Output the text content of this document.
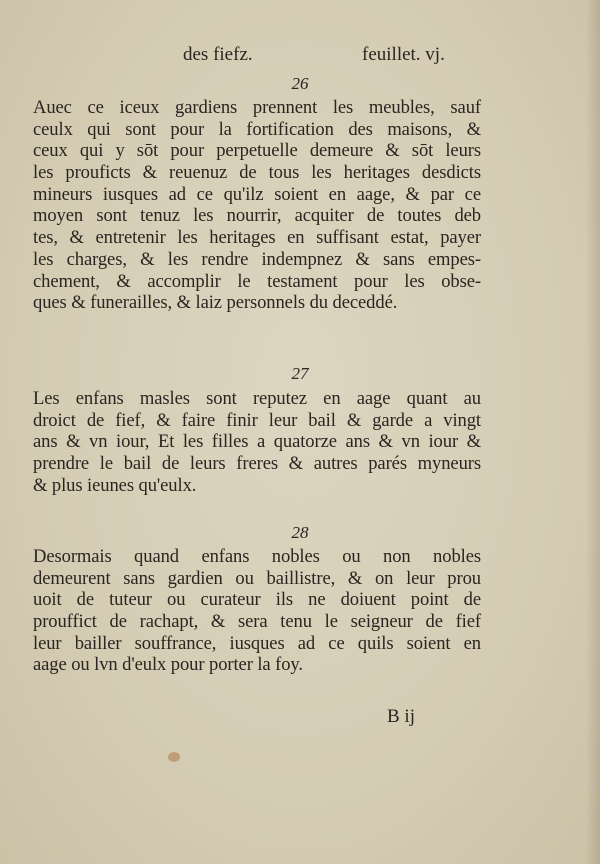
des fiefz.	feuillet. vj.
26
Auec ce iceux gardiens prennent les meubles, sauf
ceulx qui sont pour la fortification des maisons, &
ceux qui y sōt pour perpetuelle demeure & sōt leurs
les prouficts & reuenuz de tous les heritages desdicts
mineurs iusques ad ce qu'ilz soient en aage, & par ce
moyen sont tenuz les nourrir, acquiter de toutes deb
tes, & entretenir les heritages en suffisant estat, payer
les charges, & les rendre indempnez & sans empes-
chement, & accomplir le testament pour les obse-
ques & funerailles, & laiz personnels du deceddé.
27
Les enfans masles sont reputez en aage quant au
droict de fief, & faire finir leur bail & garde a vingt
ans & vn iour, Et les filles a quatorze ans & vn iour &
prendre le bail de leurs freres & autres parés myneurs
& plus ieunes qu'eulx.
28
Desormais quand enfans nobles ou non nobles
demeurent sans gardien ou baillistre, & on leur prou
uoit de tuteur ou curateur ils ne doiuent point de
prouffict de rachapt, & sera tenu le seigneur de fief
leur bailler souffrance, iusques ad ce quils soient en
aage ou lvn d'eulx pour porter la foy.
B ij
